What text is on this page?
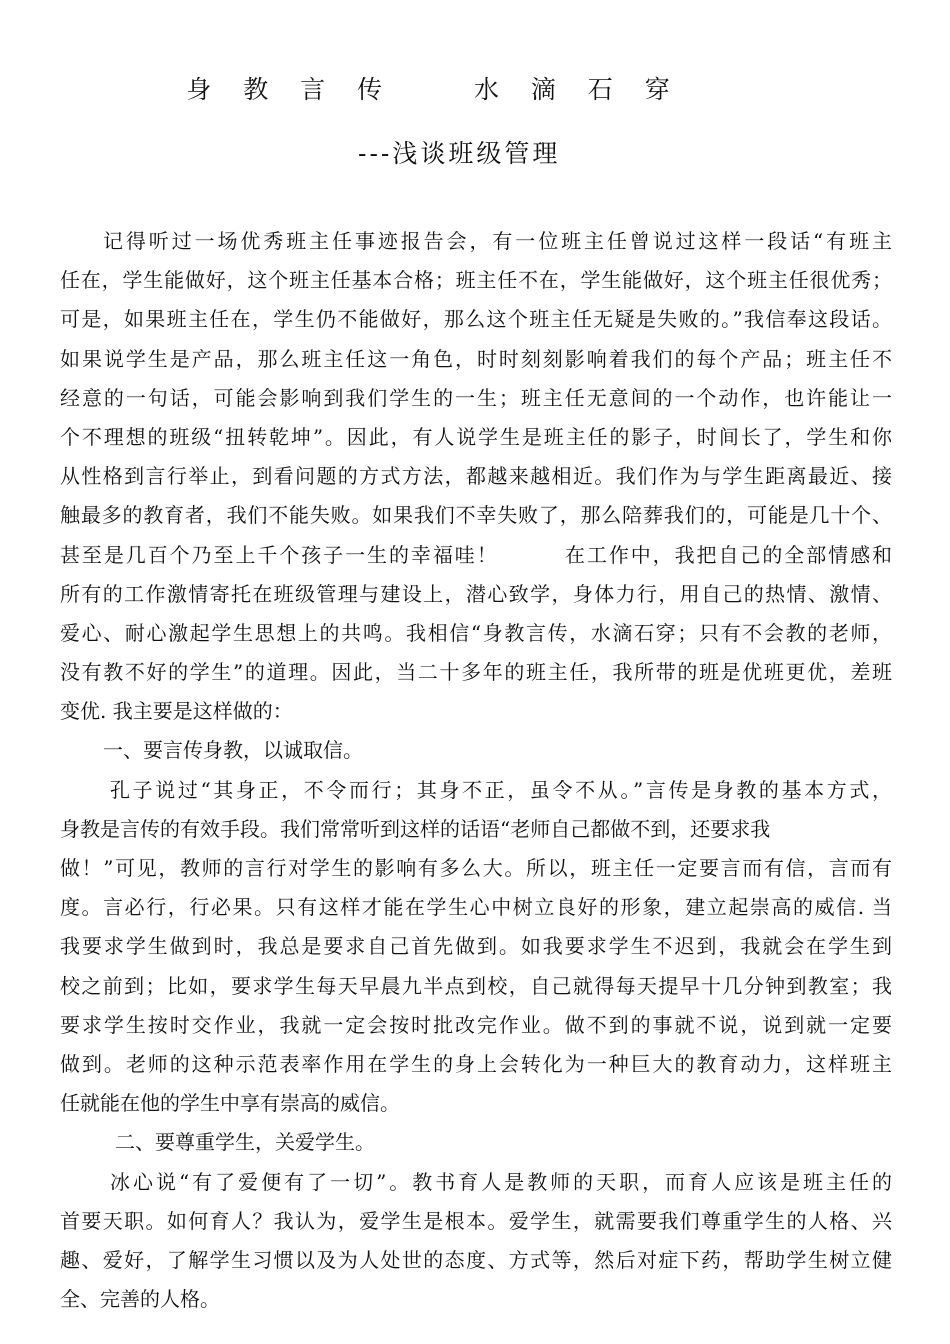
身 教 言 传    水 滴 石 穿
---浅谈班级管理
记得听过一场优秀班主任事迹报告会，有一位班主任曾说过这样一段话“有班主
任在，学生能做好，这个班主任基本合格；班主任不在，学生能做好，这个班主任很优秀；
可是，如果班主任在，学生仍不能做好，那么这个班主任无疑是失败的。”我信奉这段话。
如果说学生是产品，那么班主任这一角色，时时刻刻影响着我们的每个产品；班主任不
经意的一句话，可能会影响到我们学生的一生；班主任无意间的一个动作，也许能让一
个不理想的班级“扭转乾坤”。因此，有人说学生是班主任的影子，时间长了，学生和你
从性格到言行举止，到看问题的方式方法，都越来越相近。我们作为与学生距离最近、接
触最多的教育者，我们不能失败。如果我们不幸失败了，那么陪葬我们的，可能是几十个、
甚至是几百个乃至上千个孩子一生的幸福哇！        在工作中，我把自己的全部情感和
所有的工作激情寄托在班级管理与建设上，潜心致学，身体力行，用自己的热情、激情、
爱心、耐心激起学生思想上的共鸣。我相信“身教言传，水滴石穿；只有不会教的老师，
没有教不好的学生”的道理。因此，当二十多年的班主任，我所带的班是优班更优，差班
变优. 我主要是这样做的：
一、要言传身教，以诚取信。
孔子说过“其身正，不令而行；其身不正，虽令不从。”言传是身教的基本方式，
身教是言传的有效手段。我们常常听到这样的话语“老师自己都做不到，还要求我
做！”可见，教师的言行对学生的影响有多么大。所以，班主任一定要言而有信，言而有
度。言必行，行必果。只有这样才能在学生心中树立良好的形象，建立起崇高的威信. 当
我要求学生做到时，我总是要求自己首先做到。如我要求学生不迟到，我就会在学生到
校之前到；比如，要求学生每天早晨九半点到校，自己就得每天提早十几分钟到教室；我
要求学生按时交作业，我就一定会按时批改完作业。做不到的事就不说，说到就一定要
做到。老师的这种示范表率作用在学生的身上会转化为一种巨大的教育动力，这样班主
任就能在他的学生中享有崇高的威信。
二、要尊重学生，关爱学生。
冰心说“有了爱便有了一切”。教书育人是教师的天职，而育人应该是班主任的
首要天职。如何育人？我认为，爱学生是根本。爱学生，就需要我们尊重学生的人格、兴
趣、爱好，了解学生习惯以及为人处世的态度、方式等，然后对症下药，帮助学生树立健
全、完善的人格。
